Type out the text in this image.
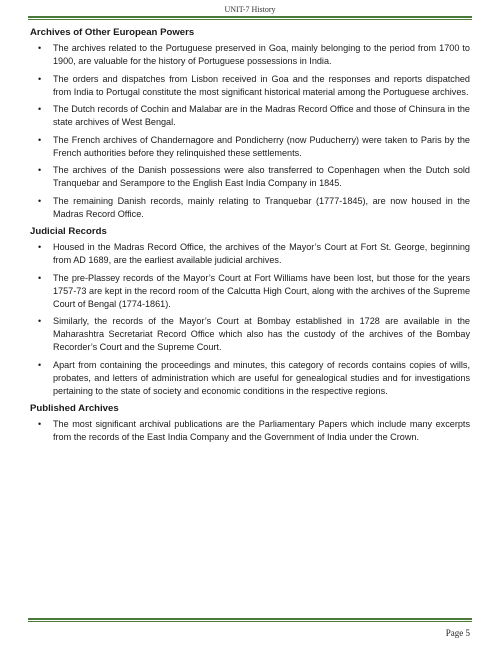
UNIT-7 History
Archives of Other European Powers
• The archives related to the Portuguese preserved in Goa, mainly belonging to the period from 1700 to 1900, are valuable for the history of Portuguese possessions in India.
• The orders and dispatches from Lisbon received in Goa and the responses and reports dispatched from India to Portugal constitute the most significant historical material among the Portuguese archives.
• The Dutch records of Cochin and Malabar are in the Madras Record Office and those of Chinsura in the state archives of West Bengal.
• The French archives of Chandernagore and Pondicherry (now Puducherry) were taken to Paris by the French authorities before they relinquished these settlements.
• The archives of the Danish possessions were also transferred to Copenhagen when the Dutch sold Tranquebar and Serampore to the English East India Company in 1845.
• The remaining Danish records, mainly relating to Tranquebar (1777-1845), are now housed in the Madras Record Office.
Judicial Records
• Housed in the Madras Record Office, the archives of the Mayor’s Court at Fort St. George, beginning from AD 1689, are the earliest available judicial archives.
• The pre-Plassey records of the Mayor’s Court at Fort Williams have been lost, but those for the years 1757-73 are kept in the record room of the Calcutta High Court, along with the archives of the Supreme Court of Bengal (1774-1861).
• Similarly, the records of the Mayor’s Court at Bombay established in 1728 are available in the Maharashtra Secretariat Record Office which also has the custody of the archives of the Bombay Recorder’s Court and the Supreme Court.
• Apart from containing the proceedings and minutes, this category of records contains copies of wills, probates, and letters of administration which are useful for genealogical studies and for investigations pertaining to the state of society and economic conditions in the respective regions.
Published Archives
• The most significant archival publications are the Parliamentary Papers which include many excerpts from the records of the East India Company and the Government of India under the Crown.
Page 5
